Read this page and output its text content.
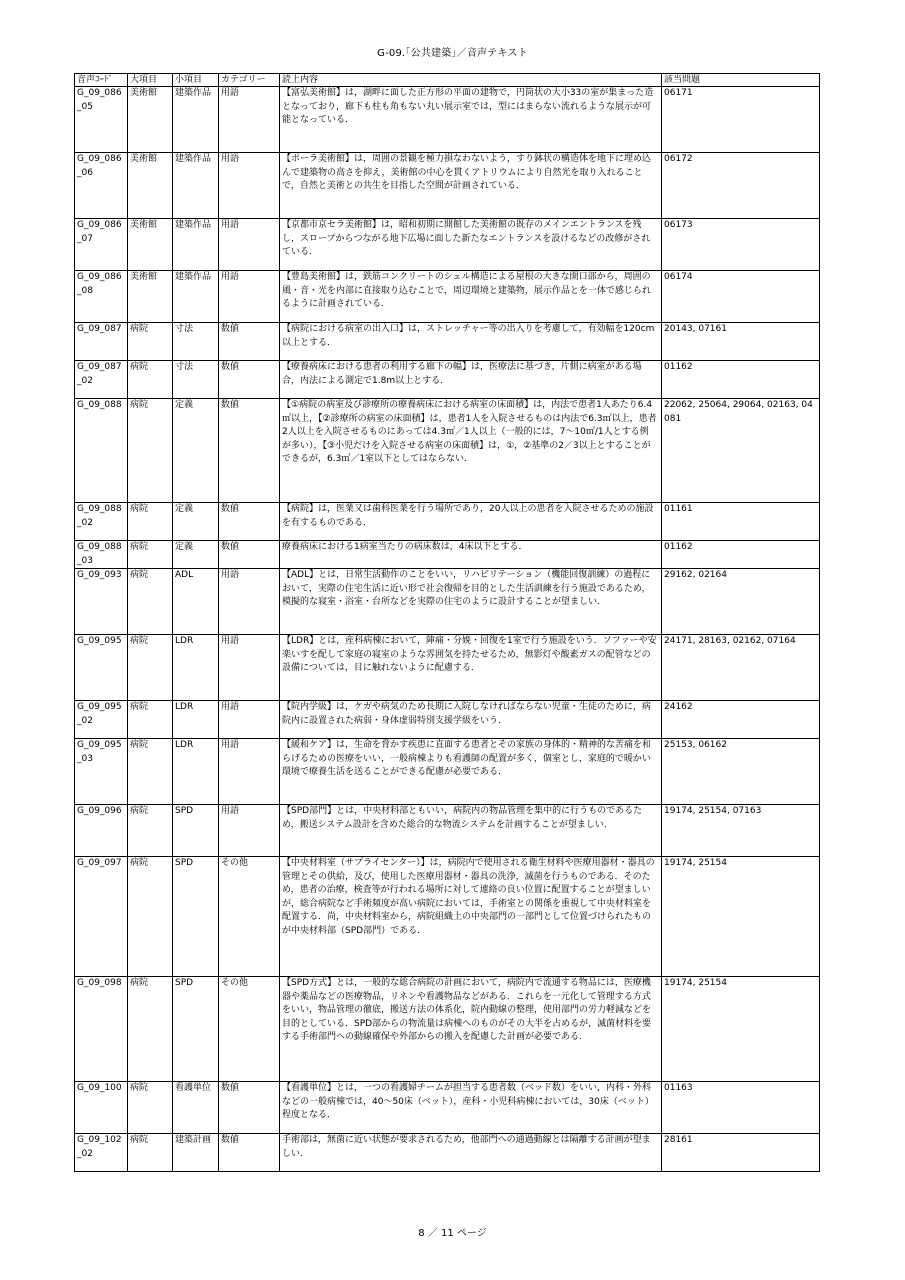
G-09.｢公共建築｣／音声テキスト
音声ｺｰﾄﾞ	大項目	小項目	カテゴリー	読上内容	該当問題
G_09_086_05	美術館	建築作品	用語	【富弘美術館】は，湖畔に面した正方形の平面の建物で，円筒状の大小33の室が集まった造となっており，廊下も柱も角もない丸い展示室では，型にはまらない流れるような展示が可能となっている．	06171
G_09_086_06	美術館	建築作品	用語	【ポーラ美術館】は，周囲の景観を極力損なわないよう，すり鉢状の構造体を地下に埋め込んで建築物の高さを抑え，美術館の中心を貫くアトリウムにより自然光を取り入れることで，自然と美術との共生を目指した空間が計画されている．	06172
G_09_086_07	美術館	建築作品	用語	【京都市京セラ美術館】は，昭和初期に開館した美術館の既存のメインエントランスを残し，スロープからつながる地下広場に面した新たなエントランスを設けるなどの改修がされている．	06173
G_09_086_08	美術館	建築作品	用語	【豊島美術館】は，鉄筋コンクリートのシェル構造による屋根の大きな開口部から，周囲の風・音・光を内部に直接取り込むことで，周辺環境と建築物，展示作品とを一体で感じられるように計画されている．	06174
G_09_087	病院	寸法	数値	【病院における病室の出入口】は，ストレッチャー等の出入りを考慮して，有効幅を120cm以上とする．	20143, 07161
G_09_087_02	病院	寸法	数値	【療養病床における患者の利用する廊下の幅】は，医療法に基づき，片側に病室がある場合，内法による測定で1.8m以上とする．	01162
G_09_088	病院	定義	数値	【①病院の病室及び診療所の療養病床における病室の床面積】は，内法で患者1人あたり6.4㎡以上，【②診療所の病室の床面積】は，患者1人を入院させるものは内法で6.3㎡以上，患者2人以上を入院させるものにあっては4.3㎡／1人以上（一般的には，7～10㎡/1人とする例が多い），【③小児だけを入院させる病室の床面積】は，①，②基準の2／3以上とすることができるが，6.3㎡／1室以下としてはならない．	22062, 25064, 29064, 02163, 04081
G_09_088_02	病院	定義	数値	【病院】は，医業又は歯科医業を行う場所であり，20人以上の患者を入院させるための施設を有するものである．	01161
G_09_088_03	病院	定義	数値	療養病床における1病室当たりの病床数は，4床以下とする．	01162
G_09_093	病院	ADL	用語	【ADL】とは，日常生活動作のことをいい，リハビリテーション（機能回復訓練）の過程において，実際の住宅生活に近い形で社会復帰を目的とした生活訓練を行う施設であるため，模擬的な寝室・浴室・台所などを実際の住宅のように設計することが望ましい．	29162, 02164
G_09_095	病院	LDR	用語	【LDR】とは，産科病棟において，陣痛・分娩・回復を1室で行う施設をいう．ソファーや安楽いすを配して家庭の寝室のような雰囲気を持たせるため，無影灯や酸素ガスの配管などの設備については，目に触れないように配慮する．	24171, 28163, 02162, 07164
G_09_095_02	病院	LDR	用語	【院内学級】は，ケガや病気のため長期に入院しなければならない児童・生徒のために，病院内に設置された病弱・身体虚弱特別支援学級をいう．	24162
G_09_095_03	病院	LDR	用語	【緩和ケア】は，生命を脅かす疾患に直面する患者とその家族の身体的・精神的な苦痛を和らげるための医療をいい，一般病棟よりも看護師の配置が多く，個室とし，家庭的で暖かい環境で療養生活を送ることができる配慮が必要である．	25153, 06162
G_09_096	病院	SPD	用語	【SPD部門】とは，中央材料部ともいい，病院内の物品管理を集中的に行うものであるため，搬送システム設計を含めた総合的な物流システムを計画することが望ましい．	19174, 25154, 07163
G_09_097	病院	SPD	その他	【中央材料室（サプライセンター）】は，病院内で使用される衛生材料や医療用器材・器具の管理とその供給，及び，使用した医療用器材・器具の洗浄，滅菌を行うものである．そのため，患者の治療，検査等が行われる場所に対して連絡の良い位置に配置することが望ましいが，総合病院など手術頻度が高い病院においては，手術室との関係を重視して中央材料室を配置する．尚，中央材料室から，病院組織上の中央部門の一部門として位置づけられたものが中央材料部（SPD部門）である．	19174, 25154
G_09_098	病院	SPD	その他	【SPD方式】とは，一般的な総合病院の計画において，病院内で流通する物品には，医療機器や薬品などの医療物品，リネンや看護物品などがある．これらを一元化して管理する方式をいい，物品管理の徹底，搬送方法の体系化，院内動線の整理，使用部門の労力軽減などを目的としている．SPD部からの物流量は病棟へのものがその大半を占めるが，滅菌材料を要する手術部門への動線確保や外部からの搬入を配慮した計画が必要である．	19174, 25154
G_09_100	病院	看護単位	数値	【看護単位】とは，一つの看護婦チームが担当する患者数（ベッド数）をいい，内科・外科などの一般病棟では，40～50床（ベット），産科・小児科病棟においては，30床（ベット）程度となる．	01163
G_09_102_02	病院	建築計画	数値	手術部は，無菌に近い状態が要求されるため，他部門への通過動線とは隔離する計画が望ましい．	28161
8 ／ 11 ページ
